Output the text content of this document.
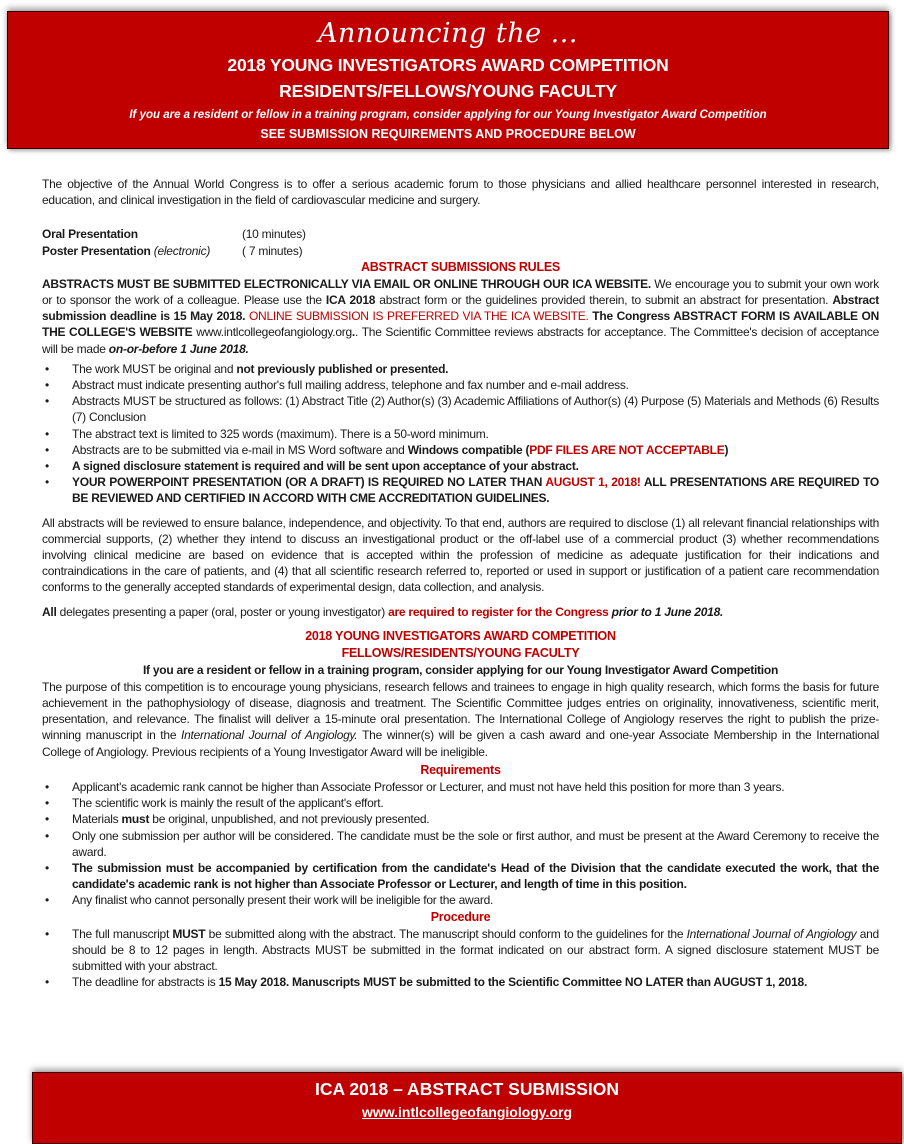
Announcing the ...
2018 YOUNG INVESTIGATORS AWARD COMPETITION
RESIDENTS/FELLOWS/YOUNG FACULTY
If you are a resident or fellow in a training program, consider applying for our Young Investigator Award Competition
SEE SUBMISSION REQUIREMENTS AND PROCEDURE BELOW

The objective of the Annual World Congress is to offer a serious academic forum to those physicians and allied healthcare personnel interested in research, education, and clinical investigation in the field of cardiovascular medicine and surgery.

Oral Presentation	(10 minutes)
Poster Presentation (electronic)	( 7 minutes)
ABSTRACT SUBMISSIONS RULES

ABSTRACTS MUST BE SUBMITTED ELECTRONICALLY VIA EMAIL OR ONLINE THROUGH OUR ICA WEBSITE. We encourage you to submit your own work or to sponsor the work of a colleague. Please use the ICA 2018 abstract form or the guidelines provided therein, to submit an abstract for presentation. Abstract submission deadline is 15 May 2018. ONLINE SUBMISSION IS PREFERRED VIA THE ICA WEBSITE. The Congress ABSTRACT FORM IS AVAILABLE ON THE COLLEGE'S WEBSITE www.intlcollegeofangiology.org.. The Scientific Committee reviews abstracts for acceptance. The Committee's decision of acceptance will be made on-or-before 1 June 2018.

• The work MUST be original and not previously published or presented.
• Abstract must indicate presenting author's full mailing address, telephone and fax number and e-mail address.
• Abstracts MUST be structured as follows: (1) Abstract Title (2) Author(s) (3) Academic Affiliations of Author(s) (4) Purpose (5) Materials and Methods (6) Results (7) Conclusion
• The abstract text is limited to 325 words (maximum). There is a 50-word minimum.
• Abstracts are to be submitted via e-mail in MS Word software and Windows compatible (PDF FILES ARE NOT ACCEPTABLE)
• A signed disclosure statement is required and will be sent upon acceptance of your abstract.
• YOUR POWERPOINT PRESENTATION (OR A DRAFT) IS REQUIRED NO LATER THAN AUGUST 1, 2018! ALL PRESENTATIONS ARE REQUIRED TO BE REVIEWED AND CERTIFIED IN ACCORD WITH CME ACCREDITATION GUIDELINES.

All abstracts will be reviewed to ensure balance, independence, and objectivity. To that end, authors are required to disclose (1) all relevant financial relationships with commercial supports, (2) whether they intend to discuss an investigational product or the off-label use of a commercial product (3) whether recommendations involving clinical medicine are based on evidence that is accepted within the profession of medicine as adequate justification for their indications and contraindications in the care of patients, and (4) that all scientific research referred to, reported or used in support or justification of a patient care recommendation conforms to the generally accepted standards of experimental design, data collection, and analysis.

All delegates presenting a paper (oral, poster or young investigator) are required to register for the Congress prior to 1 June 2018.

2018 YOUNG INVESTIGATORS AWARD COMPETITION
FELLOWS/RESIDENTS/YOUNG FACULTY
If you are a resident or fellow in a training program, consider applying for our Young Investigator Award Competition

The purpose of this competition is to encourage young physicians, research fellows and trainees to engage in high quality research, which forms the basis for future achievement in the pathophysiology of disease, diagnosis and treatment. The Scientific Committee judges entries on originality, innovativeness, scientific merit, presentation, and relevance. The finalist will deliver a 15-minute oral presentation. The International College of Angiology reserves the right to publish the prize-winning manuscript in the International Journal of Angiology. The winner(s) will be given a cash award and one-year Associate Membership in the International College of Angiology. Previous recipients of a Young Investigator Award will be ineligible.

Requirements
• Applicant's academic rank cannot be higher than Associate Professor or Lecturer, and must not have held this position for more than 3 years.
• The scientific work is mainly the result of the applicant's effort.
• Materials must be original, unpublished, and not previously presented.
• Only one submission per author will be considered. The candidate must be the sole or first author, and must be present at the Award Ceremony to receive the award.
• The submission must be accompanied by certification from the candidate's Head of the Division that the candidate executed the work, that the candidate's academic rank is not higher than Associate Professor or Lecturer, and length of time in this position.
• Any finalist who cannot personally present their work will be ineligible for the award.
Procedure
• The full manuscript MUST be submitted along with the abstract. The manuscript should conform to the guidelines for the International Journal of Angiology and should be 8 to 12 pages in length. Abstracts MUST be submitted in the format indicated on our abstract form. A signed disclosure statement MUST be submitted with your abstract.
• The deadline for abstracts is 15 May 2018. Manuscripts MUST be submitted to the Scientific Committee NO LATER than AUGUST 1, 2018.
ICA 2018 – ABSTRACT SUBMISSION
www.intlcollegeofangiology.org
